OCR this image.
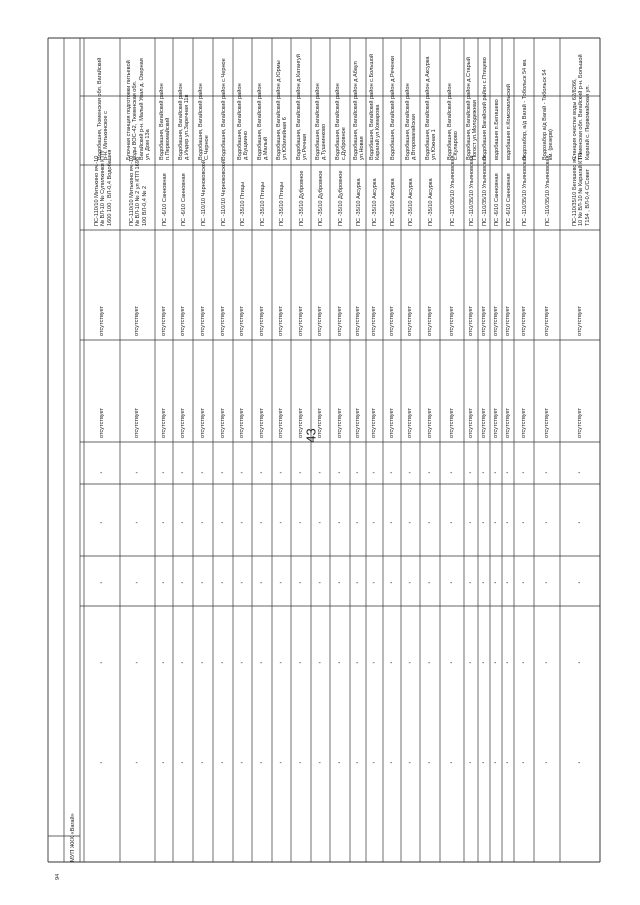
43
94
МУП ЖКХ «Вагай»
Водобашня, Тюменская обл. Вагайский р-н. Митькинское с
ПС-110/10 Митькино яч.-10 № ВЛ-10 № Супилкинки КТП 1600 100 , ВЛ-0,4 Водобашня
отсутствует
отсутствует
-
-
-
-
-
Блочная станция подготовки питьевой воды ВОС-42, Тюменская обл. Вагайский р-н. Малый Увал д. Озерная ул. Дом 13а
ПС-110/10 Митькино яч.-10 № ВЛ-10 № 2 ул КТП 1698 100 ВЛ-0,4 № 2
отсутствует
отсутствует
-
-
-
-
-
Водобашня, Вагайский район п.Первомайский
ПС -6/10 Санновная
отсутствует
отсутствует
-
-
-
-
-
Водобашня, Вагайский район д.Индер ул.Заречная 11в
ПС -6/10 Санновная
отсутствует
отсутствует
-
-
-
-
-
Водобашня, Вагайский район С.Черное
ПС -110/10 Черноковской
отсутствует
отсутствует
-
-
-
-
-
Водобашня, Вагайский район с.Черное
ПС -110/10 Черноковской
отсутствует
отсутствует
-
-
-
-
-
Водобашня, Вагайский район д.Бущмино
ПС -35/10 Птицы
отсутствует
отсутствует
-
-
-
-
-
Водобашня, Вагайский район д.Малый
ПС -35/10 Птицы
отсутствует
отсутствует
-
-
-
-
-
Водобашня, Вагайский район д.Юрмы ул.Юбилейная 6
ПС -35/10 Птицы
отсутствует
отсутствует
-
-
-
-
-
Водобашня, Вагайский район д.Катангуй ул.Речная
ПС -35/10 Дубровное
отсутствует
отсутствует
-
-
-
-
-
Водобашня, Вагайский район д.Тушнинково
ПС -35/10 Дубровное
отсутствует
отсутствует
-
-
-
-
-
Водобашня, Вагайский район с.Дубровное
ПС -35/10 Дубровное
отсутствует
отсутствует
-
-
-
-
-
Водобашня, Вагайский район д.Абаул ул.Новая
ПС -35/10 Аксурка
отсутствует
отсутствует
-
-
-
-
-
Водобашня, Вагайский район с.Большой Карагай ул.Комарова
ПС -35/10 Аксурка
отсутствует
отсутствует
-
-
-
-
-
Водобашня, Вагайский район д.Реченки
ПС -35/10 Аксурка
отсутствует
отсутствует
-
-
-
-
-
Водобашня, Вагайский район д.Второвагайская
ПС -35/10 Аксурка
отсутствует
отсутствует
-
-
-
-
-
Водобашня, Вагайский район д.Аксурка ул.Южная 1
ПС -35/10 Аксурка
отсутствует
отсутствует
-
-
-
-
-
Водобашня, Вагайский район с.Куларово
ПС -110/35/10 Ульяновская
отсутствует
отсутствует
-
-
-
-
-
Водобашня, Вагайский район д.Старый Погост ул.Молодежная
ПС -110/35/10 Ульяновская
отсутствует
отсутствует
-
-
-
-
-
Водобашня Вагайский район с.Птицево
ПС -110/35/10 Ульяновская
отсутствует
отсутствует
-
-
-
-
-
водобашня п.Бегишево
ПС -6/10 Санновная
отсутствует
отсутствует
-
-
-
-
-
водобашня п.Комсомольский
ПС -6/10 Санновная
отсутствует
отсутствует
-
-
-
-
-
Водозабор, а/д Вагай - Тобольск 54 км.
ПС -110/35/10 Ульяновская
отсутствует
отсутствует
-
-
-
-
-
Водозабор а/д Вагай - Тобольск 54 км. (резерв)
ПС -110/35/10 Ульяновская
отсутствует
отсутствует
-
-
-
-
-
Станция очистки воды 62/8266, Тюменская обл. Вагайский р-н. Большой Карагай с. Первомайская ул.
ПС-110/35/10 Бегишево яч.- 10 № ВЛ-10 № Карагай КТП Т154 , ВЛ-0,4 С/Совет
отсутствует
отсутствует
-
-
-
-
-
